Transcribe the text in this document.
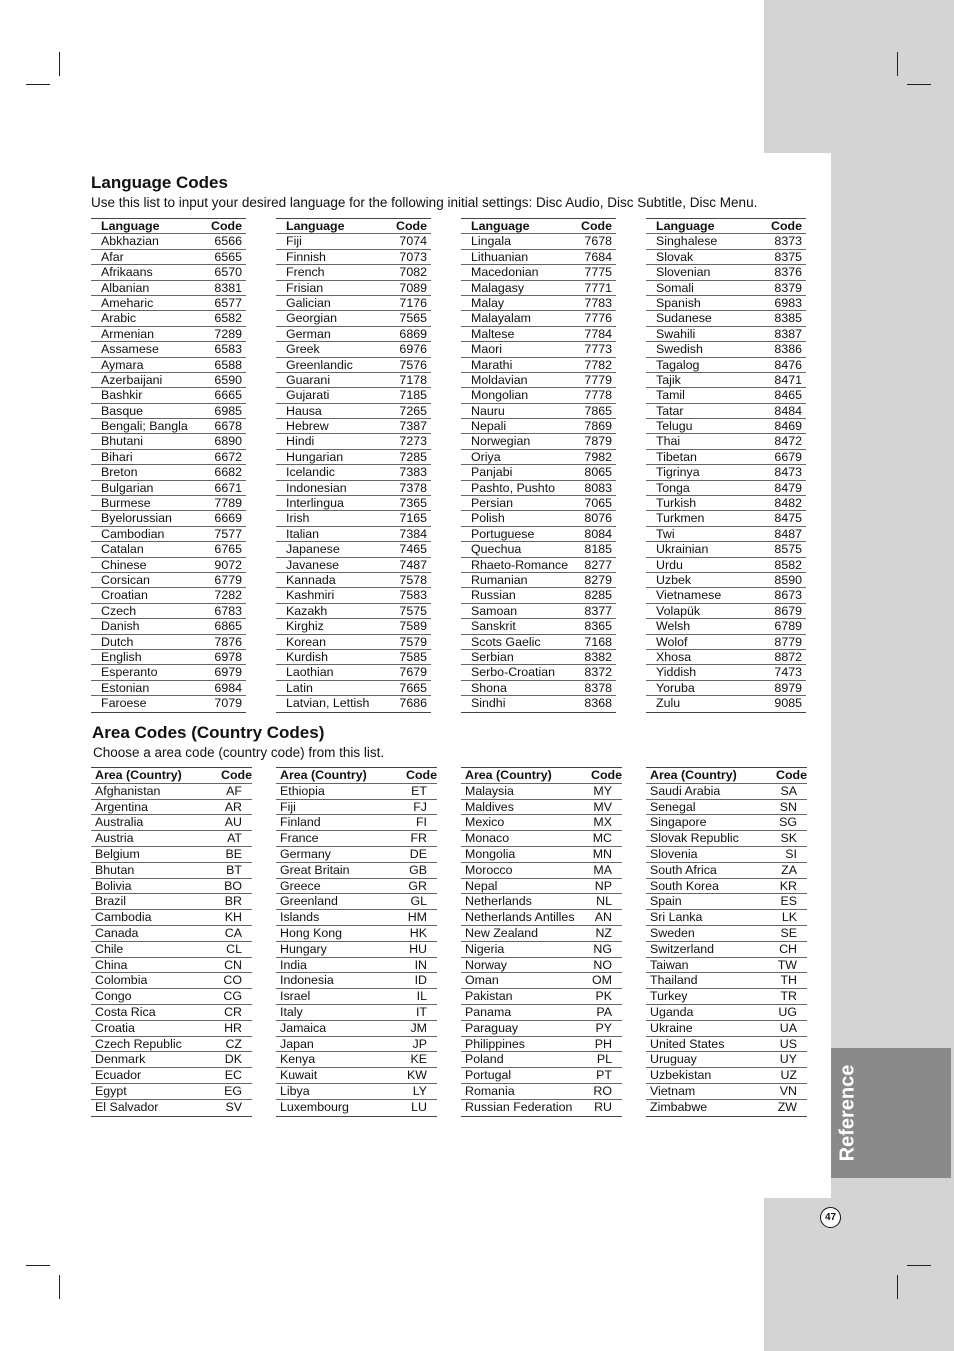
Reference
47
Language Codes

Use this list to input your desired language for the following initial settings: Disc Audio, Disc Subtitle, Disc Menu.

Language	Code
Abkhazian	6566
Afar	6565
Afrikaans	6570
Albanian	8381
Ameharic	6577
Arabic	6582
Armenian	7289
Assamese	6583
Aymara	6588
Azerbaijani	6590
Bashkir	6665
Basque	6985
Bengali; Bangla 6678
Bhutani	6890
Bihari	6672
Breton	6682
Bulgarian	6671
Burmese	7789
Byelorussian	6669
Cambodian	7577
Catalan	6765
Chinese	9072
Corsican	6779
Croatian	7282
Czech	6783
Danish	6865
Dutch	7876
English	6978
Esperanto	6979
Estonian	6984
Faroese	7079
Language	Code
Fiji	7074
Finnish	7073
French	7082
Frisian	7089
Galician	7176
Georgian	7565
German	6869
Greek	6976
Greenlandic	7576
Guarani	7178
Gujarati	7185
Hausa	7265
Hebrew	7387
Hindi	7273
Hungarian	7285
Icelandic	7383
Indonesian	7378
Interlingua	7365
Irish	7165
Italian	7384
Japanese	7465
Javanese	7487
Kannada	7578
Kashmiri	7583
Kazakh	7575
Kirghiz	7589
Korean	7579
Kurdish	7585
Laothian	7679
Latin	7665
Latvian, Lettish 7686
Language	Code
Lingala	7678
Lithuanian	7684
Macedonian	7775
Malagasy	7771
Malay	7783
Malayalam	7776
Maltese	7784
Maori	7773
Marathi	7782
Moldavian	7779
Mongolian	7778
Nauru	7865
Nepali	7869
Norwegian	7879
Oriya	7982
Panjabi	8065
Pashto, Pushto 8083
Persian	7065
Polish	8076
Portuguese	8084
Quechua	8185
Rhaeto-Romance 8277
Rumanian	8279
Russian	8285
Samoan	8377
Sanskrit	8365
Scots Gaelic	7168
Serbian	8382
Serbo-Croatian 8372
Shona	8378
Sindhi	8368
Language	Code
Singhalese	8373
Slovak	8375
Slovenian	8376
Somali	8379
Spanish	6983
Sudanese	8385
Swahili	8387
Swedish	8386
Tagalog	8476
Tajik	8471
Tamil	8465
Tatar	8484
Telugu	8469
Thai	8472
Tibetan	6679
Tigrinya	8473
Tonga	8479
Turkish	8482
Turkmen	8475
Twi	8487
Ukrainian	8575
Urdu	8582
Uzbek	8590
Vietnamese	8673
Volapük	8679
Welsh	6789
Wolof	8779
Xhosa	8872
Yiddish	7473
Yoruba	8979
Zulu	9085
Area Codes (Country Codes)

Choose a area code (country code) from this list.

Area (Country)	Code
Afghanistan	AF
Argentina	AR
Australia	AU
Austria	AT
Belgium	BE
Bhutan	BT
Bolivia	BO
Brazil	BR
Cambodia	KH
Canada	CA
Chile	CL
China	CN
Colombia	CO
Congo	CG
Costa Rica	CR
Croatia	HR
Czech Republic	CZ
Denmark	DK
Ecuador	EC
Egypt	EG
El Salvador	SV
Area (Country)	Code
Ethiopia	ET
Fiji	FJ
Finland	FI
France	FR
Germany	DE
Great Britain	GB
Greece	GR
Greenland	GL
Islands	HM
Hong Kong	HK
Hungary	HU
India	IN
Indonesia	ID
Israel	IL
Italy	IT
Jamaica	JM
Japan	JP
Kenya	KE
Kuwait	KW
Libya	LY
Luxembourg	LU
Area (Country)	Code
Malaysia	MY
Maldives	MV
Mexico	MX
Monaco	MC
Mongolia	MN
Morocco	MA
Nepal	NP
Netherlands	NL
Netherlands Antilles AN
New Zealand	NZ
Nigeria	NG
Norway	NO
Oman	OM
Pakistan	PK
Panama	PA
Paraguay	PY
Philippines	PH
Poland	PL
Portugal	PT
Romania	RO
Russian Federation RU
Area (Country)	Code
Saudi Arabia	SA
Senegal	SN
Singapore	SG
Slovak Republic	SK
Slovenia	SI
South Africa	ZA
South Korea	KR
Spain	ES
Sri Lanka	LK
Sweden	SE
Switzerland	CH
Taiwan	TW
Thailand	TH
Turkey	TR
Uganda	UG
Ukraine	UA
United States	US
Uruguay	UY
Uzbekistan	UZ
Vietnam	VN
Zimbabwe	ZW
